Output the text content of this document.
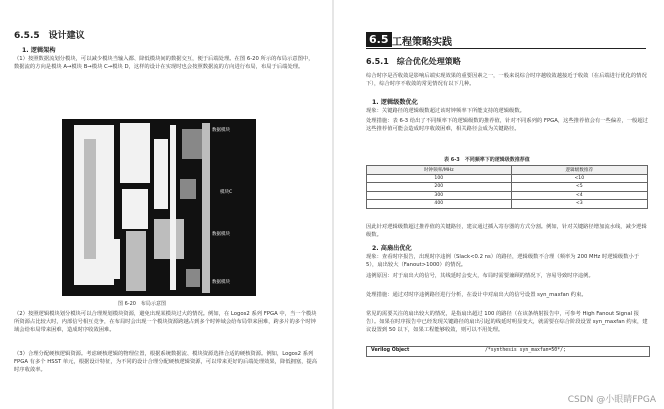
6.5.5　设计建议
1. 逻辑架构
（1）按照数据流划分模块，可以减少模块当输入都、降低模块间的数据交互，便于后端处理。在图 6-20 所示的布局示意图中，数据流的方向是模块 A→模块 B→模块 C→模块 D，这样的设计在实现时也会按照数据流的方向进行布局，布局于后端处理。
数据模块
模块C
数据模块
数据模块
图 6-20　布局示意图
（2）按照逻辑模块划分模块可以合理规划模块资源，避免出现某模块过大的情况。例如，在 Logos2 系列 FPGA 中，当一个模块所资源占比较大时，内部信号相互竞争，在布局时会出现一个模块资源跨越占到多个时钟域会给布局带来困难，跨多片的多个时钟域会给布局带来困难，造成时序收敛困难。
（3）合理分配硬核逻辑资源。考虑硬核逻辑的物理位置，根据系统数据流、模块资源选择合适的硬核资源。例如，Logos2 系列 FPGA 有多个 HSST 单元，根据设计特征，为不同的设计合理分配硬核逻辑资源，可以带来更好的后端处理效果，降低拥塞，提高时序收敛率。
6.5 工程策略实践
6.5.1　综合优化处理策略
综合时序是否收敛是影响后端实现效果的重要因素之一，一般来说综合时序越收敛越接近于收敛（在后端进行优化的情况下），综合时序不收敛的常见情况有以下几种。
1. 逻辑级数优化
现象：关键路径的逻辑级数超过该时钟频率下所能支持的逻辑级数。
处理措施：表 6-3 给出了不同频率下的逻辑级数的推荐值，针对不同系列的 FPGA，这些推荐值会有一些偏差，一般超过这些推荐值可能会造成时序收敛困难，相关路径会成为关键路径。
表 6-3　不同频率下的逻辑级数推荐值
时钟频率/MHz	逻辑级数推荐
100	<10
200	<5
300	<4
400	<3
因此针对逻辑级数超过推荐值的关键路径，建议通过插入寄存器的方式分割。例如，针对关键路径增加流水线，减少逻辑级数。
2. 高扇出优化
现象：查看时序报告，出现时序违例（Slack<0.2 ns）的路径，逻辑级数不合理（频率为 200 MHz 时逻辑级数小于 5），扇出较大（Fanout>1000）的情况。
违例原因：对于扇出大的信号，其线延时会变大，布局时需要兼顾的情况下，容易导致时序违例。
处理措施：通过对时序违例路径进行分析，在设计中对扇出大的信号设置 syn_maxfan 约束。
常见的需要关注的扇出较大的情况，是指扇出超过 100 的路径（在该条纳射报告中，可参考 High Fanout Signal 报告）。如果在时序报告中已经发现关键路径的扇出引起的线延时明显变大，就需要在综合阶段设置 syn_maxfan 约束，建议设置到 50 以下，如果工程能够收敛，则可以不用处理。
Verilog Object	/*synthesis syn_maxfan=50*/;
CSDN @小眼睛FPGA
